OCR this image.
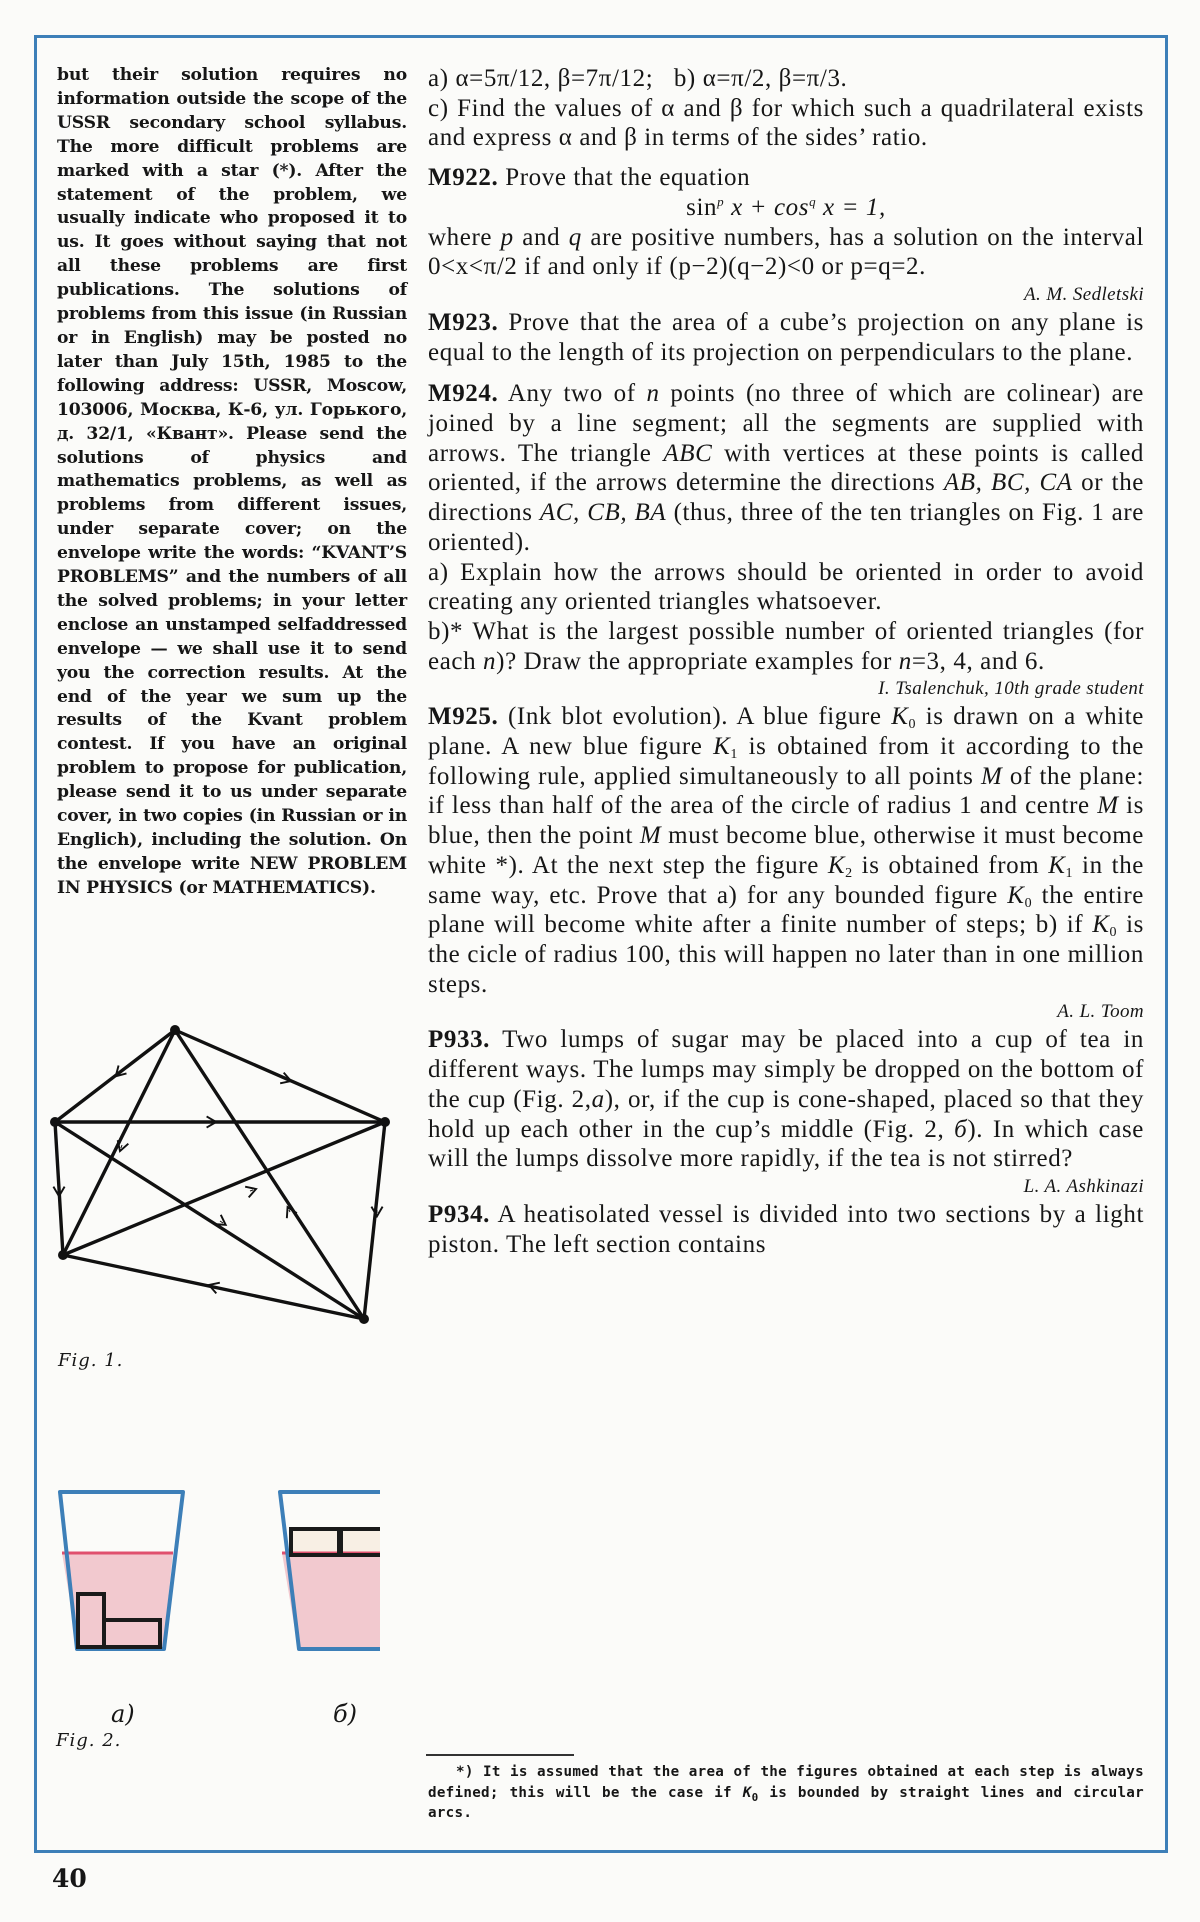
but their solution requires no information outside the scope of the USSR secondary school syllabus. The more difficult problems are marked with a star (*). After the statement of the problem, we usually indicate who proposed it to us. It goes without saying that not all these problems are first publications. The solutions of problems from this issue (in Russian or in English) may be posted no later than July 15th, 1985 to the following address: USSR, Moscow, 103006, Москва, К-6, ул. Горького, д. 32/1, «Квант». Please send the solutions of physics and mathematics problems, as well as problems from different issues, under separate cover; on the envelope write the words: “KVANT’S PROBLEMS” and the numbers of all the solved problems; in your letter enclose an unstamped selfaddressed envelope — we shall use it to send you the correction results. At the end of the year we sum up the results of the Kvant problem contest. If you have an original problem to propose for publication, please send it to us under separate cover, in two copies (in Russian or in Englich), including the solution. On the envelope write NEW PROBLEM IN PHYSICS (or MATHEMATICS).

Fig. 1.
a)	б)
Fig. 2.

a) α=5π/12, β=7π/12;   b) α=π/2, β=π/3.

c) Find the values of α and β for which such a quadrilateral exists and express α and β in terms of the sides’ ratio.

M922. Prove that the equation

$\sin^p x + \cos^q x = 1$,

where p and q are positive numbers, has a solution on the interval 0<x<π/2 if and only if (p−2)(q−2)<0 or p=q=2.

A. M. Sedletski

M923. Prove that the area of a cube’s projection on any plane is equal to the length of its projection on perpendiculars to the plane.

M924. Any two of n points (no three of which are colinear) are joined by a line segment; all the segments are supplied with arrows. The triangle ABC with vertices at these points is called oriented, if the arrows determine the directions AB, BC, CA or the directions AC, CB, BA (thus, three of the ten triangles on Fig. 1 are oriented).

a) Explain how the arrows should be oriented in order to avoid creating any oriented triangles whatsoever.

b)* What is the largest possible number of oriented triangles (for each n)? Draw the appropriate examples for n=3, 4, and 6.

I. Tsalenchuk, 10th grade student

M925. (Ink blot evolution). A blue figure $K_0$ is drawn on a white plane. A new blue figure $K_1$ is obtained from it according to the following rule, applied simultaneously to all points M of the plane: if less than half of the area of the circle of radius 1 and centre M is blue, then the point M must become blue, otherwise it must become white *). At the next step the figure $K_2$ is obtained from $K_1$ in the same way, etc. Prove that a) for any bounded figure $K_0$ the entire plane will become white after a finite number of steps; b) if $K_0$ is the cicle of radius 100, this will happen no later than in one million steps.

A. L. Toom

P933. Two lumps of sugar may be placed into a cup of tea in different ways. The lumps may simply be dropped on the bottom of the cup (Fig. 2,a), or, if the cup is cone-shaped, placed so that they hold up each other in the cup’s middle (Fig. 2, б). In which case will the lumps dissolve more rapidly, if the tea is not stirred?

L. A. Ashkinazi

P934. A heatisolated vessel is divided into two sections by a light piston. The left section contains

*) It is assumed that the area of the figures obtained at each step is always defined; this will be the case if $K_0$ is bounded by straight lines and circular arcs.
40
